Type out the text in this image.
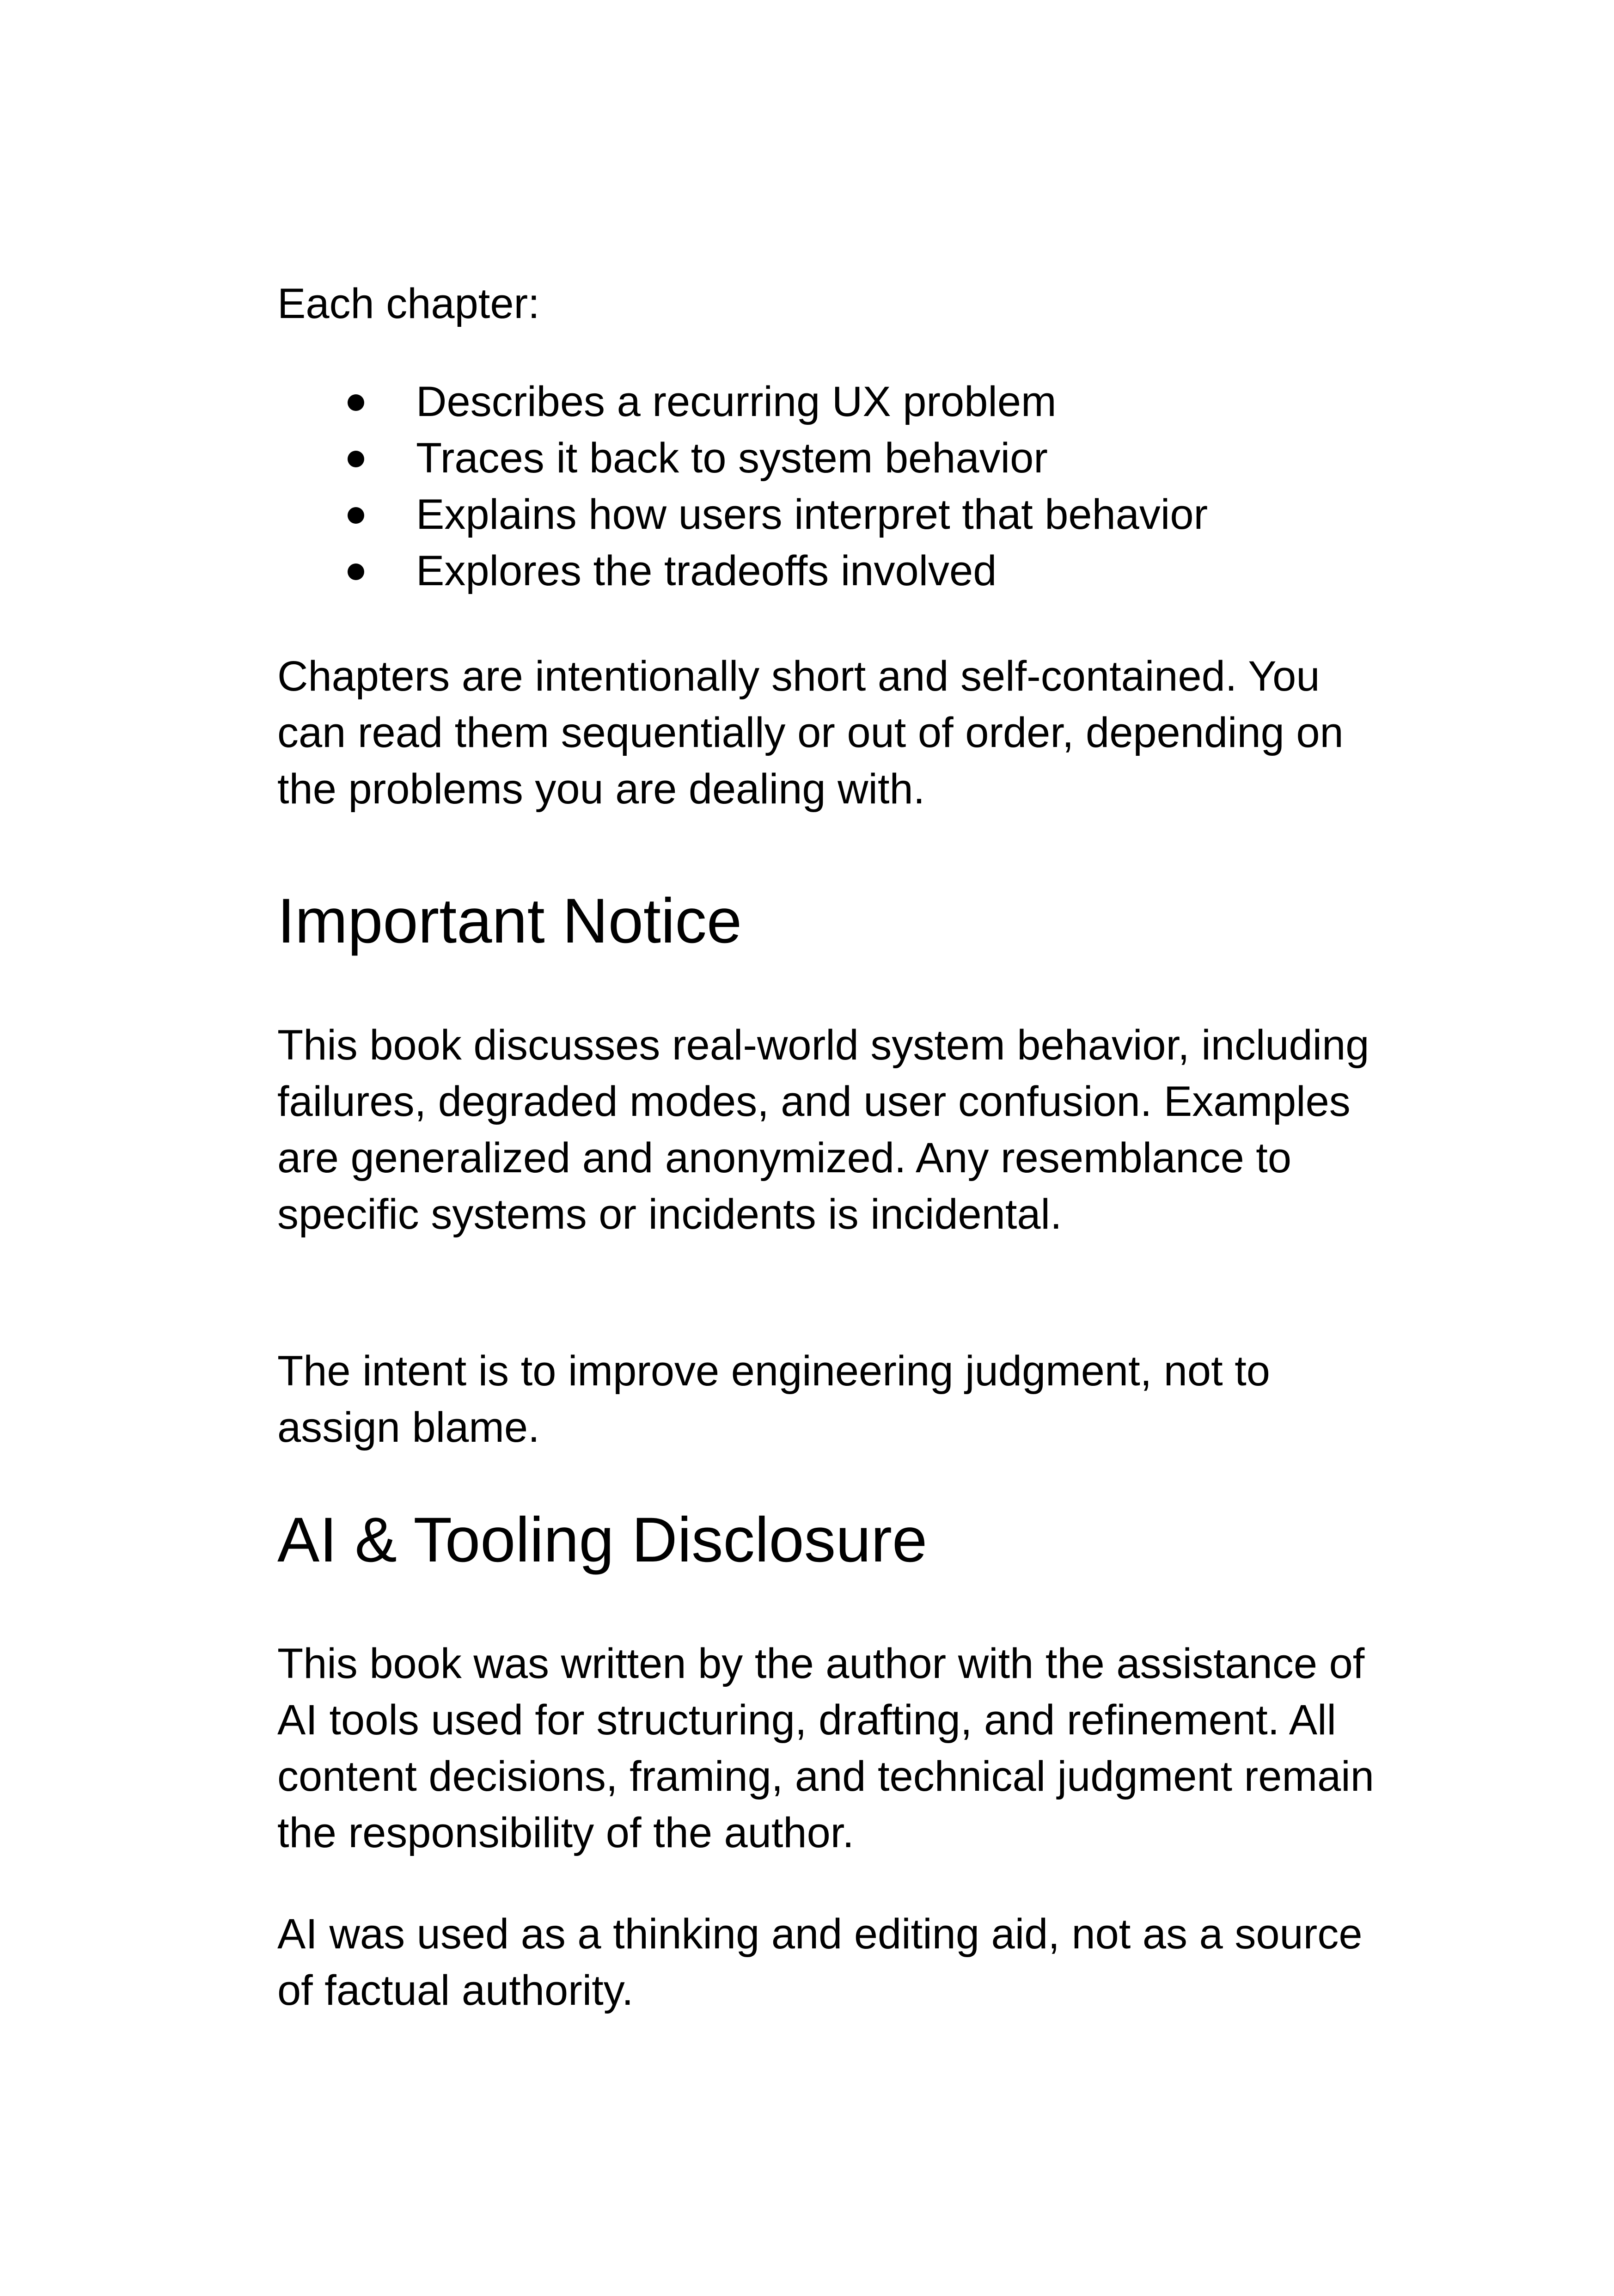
Each chapter:

Describes a recurring UX problem
Traces it back to system behavior
Explains how users interpret that behavior
Explores the tradeoffs involved

Chapters are intentionally short and self-contained. You can read them sequentially or out of order, depending on the problems you are dealing with.

Important Notice

This book discusses real-world system behavior, including failures, degraded modes, and user confusion. Examples are generalized and anonymized. Any resemblance to specific systems or incidents is incidental.

The intent is to improve engineering judgment, not to assign blame.

AI & Tooling Disclosure

This book was written by the author with the assistance of AI tools used for structuring, drafting, and refinement. All content decisions, framing, and technical judgment remain the responsibility of the author.

AI was used as a thinking and editing aid, not as a source of factual authority.
